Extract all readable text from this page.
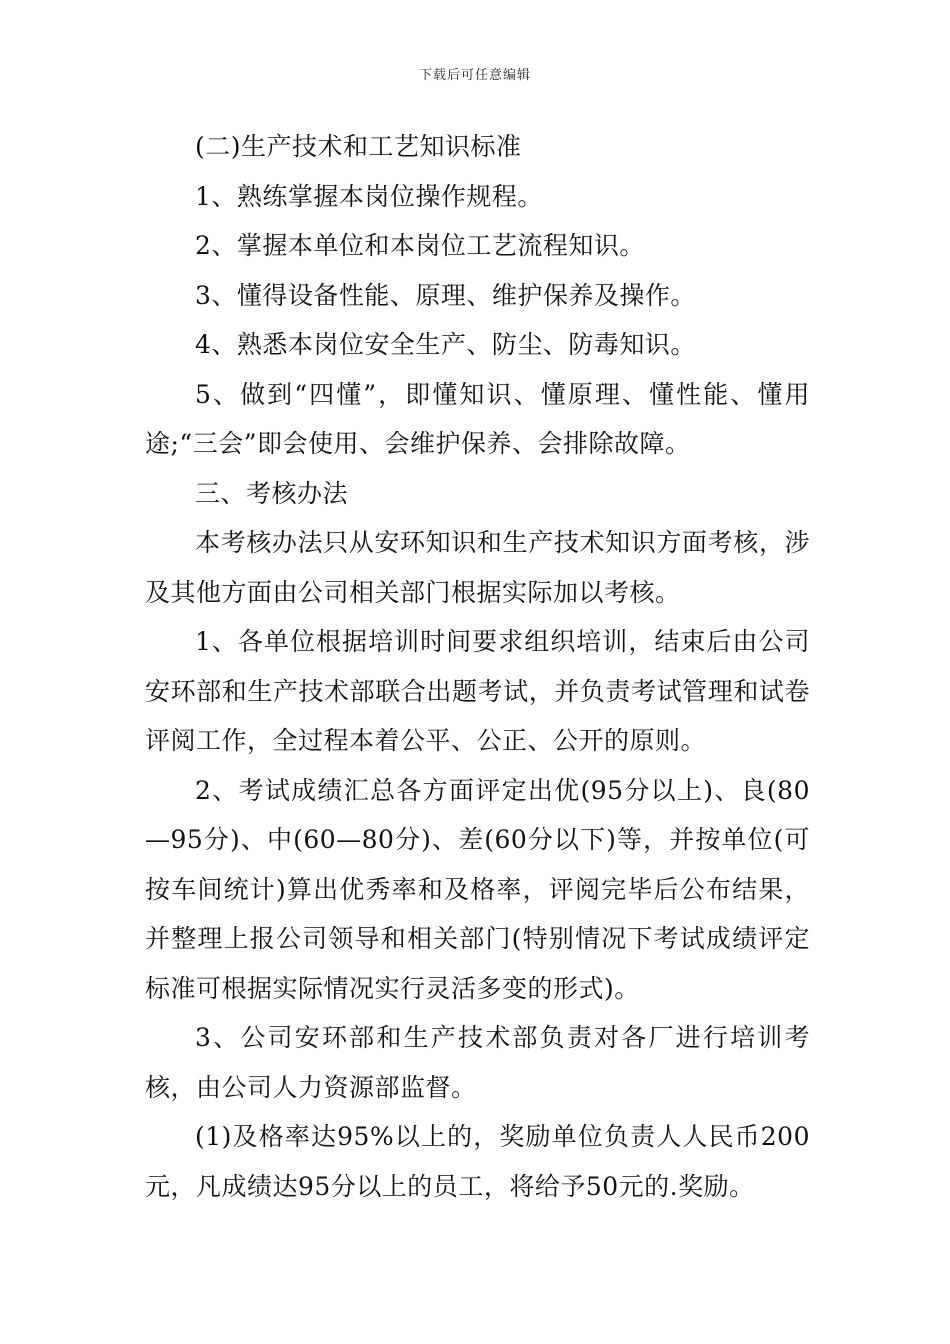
下载后可任意编辑

(二)生产技术和工艺知识标准

1、熟练掌握本岗位操作规程。

2、掌握本单位和本岗位工艺流程知识。

3、懂得设备性能、原理、维护保养及操作。

4、熟悉本岗位安全生产、防尘、防毒知识。

5、做到“四懂”，即懂知识、懂原理、懂性能、懂用途;“三会”即会使用、会维护保养、会排除故障。

三、考核办法

本考核办法只从安环知识和生产技术知识方面考核，涉及其他方面由公司相关部门根据实际加以考核。

1、各单位根据培训时间要求组织培训，结束后由公司安环部和生产技术部联合出题考试，并负责考试管理和试卷评阅工作，全过程本着公平、公正、公开的原则。

2、考试成绩汇总各方面评定出优(95分以上)、良(80—95分)、中(60—80分)、差(60分以下)等，并按单位(可按车间统计)算出优秀率和及格率，评阅完毕后公布结果，并整理上报公司领导和相关部门(特别情况下考试成绩评定标准可根据实际情况实行灵活多变的形式)。

3、公司安环部和生产技术部负责对各厂进行培训考核，由公司人力资源部监督。

(1)及格率达95%以上的，奖励单位负责人人民币200元，凡成绩达95分以上的员工，将给予50元的.奖励。
